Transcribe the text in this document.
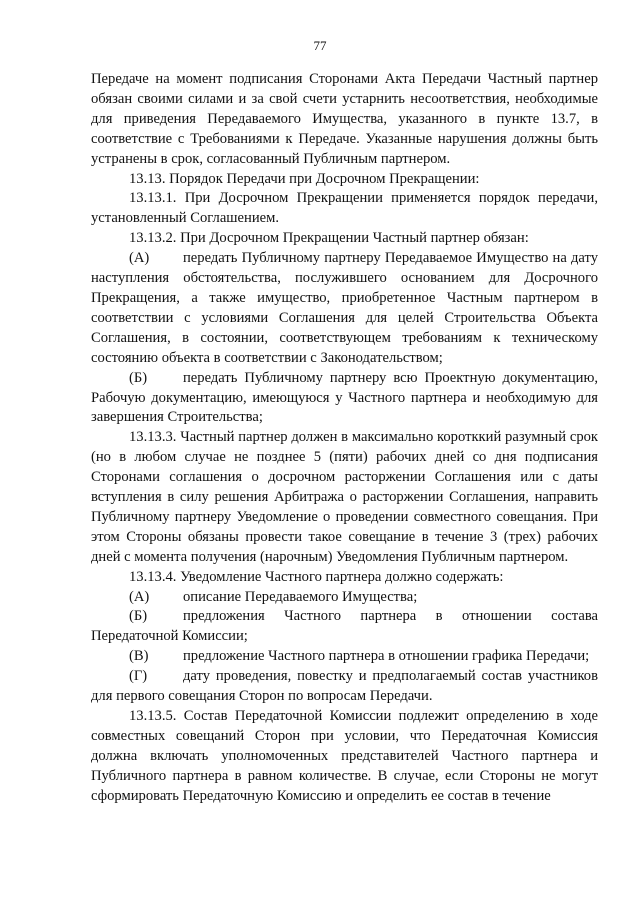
77

Передаче на момент подписания Сторонами Акта Передачи Частный партнер обязан своими силами и за свой счети устарнить несоответствия, необходимые для приведения Передаваемого Имущества, указанного в пункте 13.7, в соответствие с Требованиями к Передаче. Указанные нарушения должны быть устранены в срок, согласованный Публичным партнером.

13.13. Порядок Передачи при Досрочном Прекращении:

13.13.1. При Досрочном Прекращении применяется порядок передачи, установленный Соглашением.

13.13.2. При Досрочном Прекращении Частный партнер обязан:

(А) передать Публичному партнеру Передаваемое Имущество на дату наступления обстоятельства, послужившего основанием для Досрочного Прекращения, а также имущество, приобретенное Частным партнером в соответствии с условиями Соглашения для целей Строительства Объекта Соглашения, в состоянии, соответствующем требованиям к техническому состоянию объекта в соответствии с Законодательством;

(Б) передать Публичному партнеру всю Проектную документацию, Рабочую документацию, имеющуюся у Частного партнера и необходимую для завершения Строительства;

13.13.3. Частный партнер должен в максимально коротккий разумный срок (но в любом случае не позднее 5 (пяти) рабочих дней со дня подписания Сторонами соглашения о досрочном расторжении Соглашения или с даты вступления в силу решения Арбитража о расторжении Соглашения, направить Публичному партнеру Уведомление о проведении совместного совещания. При этом Стороны обязаны провести такое совещание в течение 3 (трех) рабочих дней с момента получения (нарочным) Уведомления Публичным партнером.

13.13.4. Уведомление Частного партнера должно содержать:

(А) описание Передаваемого Имущества;

(Б) предложения Частного партнера в отношении состава Передаточной Комиссии;

(В) предложение Частного партнера в отношении графика Передачи;

(Г) дату проведения, повестку и предполагаемый состав участников для первого совещания Сторон по вопросам Передачи.

13.13.5. Состав Передаточной Комиссии подлежит определению в ходе совместных совещаний Сторон при условии, что Передаточная Комиссия должна включать уполномоченных представителей Частного партнера и Публичного партнера в равном количестве. В случае, если Стороны не могут сформировать Передаточную Комиссию и определить ее состав в течение
